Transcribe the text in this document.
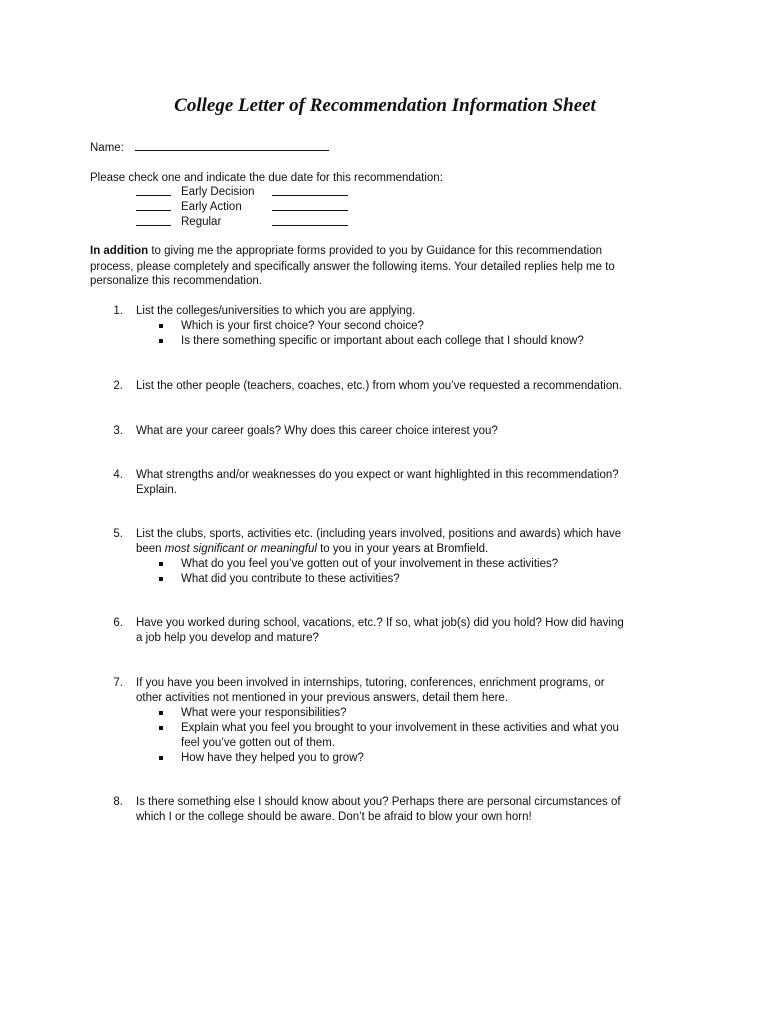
College Letter of Recommendation Information Sheet
Name:
Please check one and indicate the due date for this recommendation:
Early Decision
Early Action
Regular
In addition to giving me the appropriate forms provided to you by Guidance for this recommendation
process, please completely and specifically answer the following items. Your detailed replies help me to
personalize this recommendation.
1. List the colleges/universities to which you are applying.
Which is your first choice? Your second choice?
Is there something specific or important about each college that I should know?
2. List the other people (teachers, coaches, etc.) from whom you’ve requested a recommendation.
3. What are your career goals? Why does this career choice interest you?
4. What strengths and/or weaknesses do you expect or want highlighted in this recommendation?
Explain.
5. List the clubs, sports, activities etc. (including years involved, positions and awards) which have
been most significant or meaningful to you in your years at Bromfield.
What do you feel you’ve gotten out of your involvement in these activities?
What did you contribute to these activities?
6. Have you worked during school, vacations, etc.? If so, what job(s) did you hold? How did having
a job help you develop and mature?
7. If you have you been involved in internships, tutoring, conferences, enrichment programs, or
other activities not mentioned in your previous answers, detail them here.
What were your responsibilities?
Explain what you feel you brought to your involvement in these activities and what you
feel you’ve gotten out of them.
How have they helped you to grow?
8. Is there something else I should know about you? Perhaps there are personal circumstances of
which I or the college should be aware. Don’t be afraid to blow your own horn!
